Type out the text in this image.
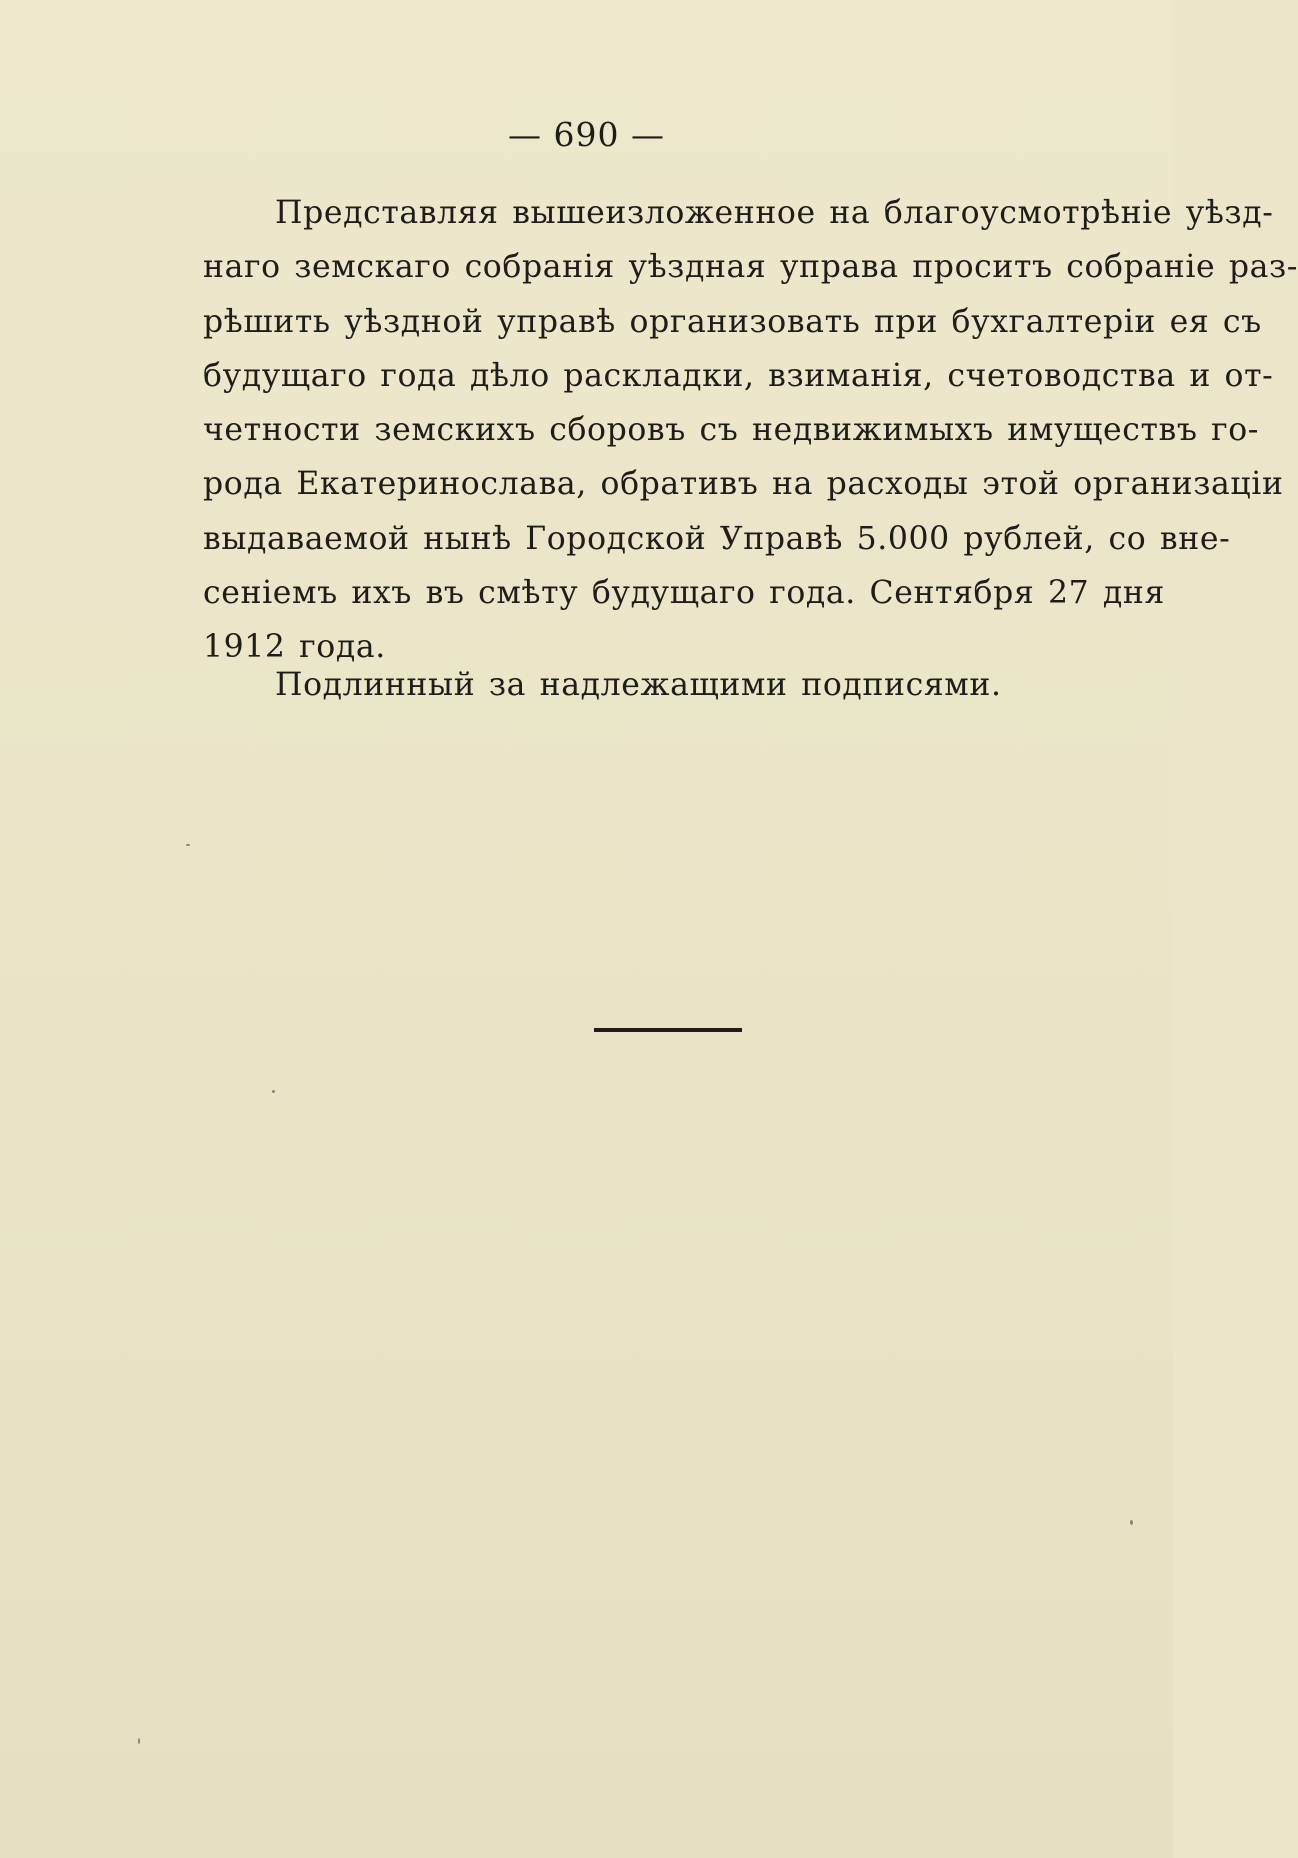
— 690 —

Представляя вышеизложенное на благоусмотрѣніе уѣзд-
наго земскаго собранія уѣздная управа проситъ собраніе раз-
рѣшить уѣздной управѣ организовать при бухгалтеріи ея съ
будущаго года дѣло раскладки, взиманія, счетоводства и от-
четности земскихъ сборовъ съ недвижимыхъ имуществъ го-
рода Екатеринослава, обративъ на расходы этой организаціи
выдаваемой нынѣ Городской Управѣ 5.000 рублей, со вне-
сеніемъ ихъ въ смѣту будущаго года. Сентября 27 дня
1912 года.

Подлинный за надлежащими подписями.
